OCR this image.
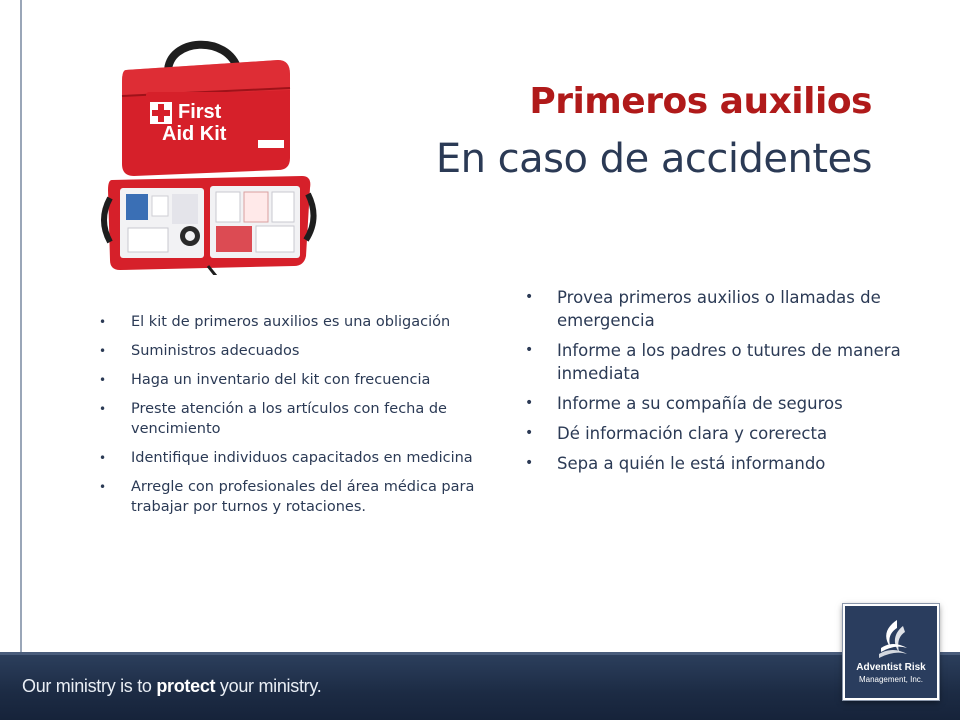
First
Aid Kit
Primeros auxilios
En caso de accidentes
• El kit de primeros auxilios es una obligación
• Suministros adecuados
• Haga un inventario del kit con frecuencia
• Preste atención a los artículos con fecha de vencimiento
• Identifique individuos capacitados en medicina
• Arregle con profesionales del área médica para trabajar por turnos y rotaciones.
• Provea primeros auxilios o llamadas de emergencia
• Informe a los padres o tutures de manera inmediata
• Informe a su compañía de seguros
• Dé información clara y corerecta
• Sepa a quién le está informando
Our ministry is to protect your ministry.
Adventist Risk
Management, Inc.
